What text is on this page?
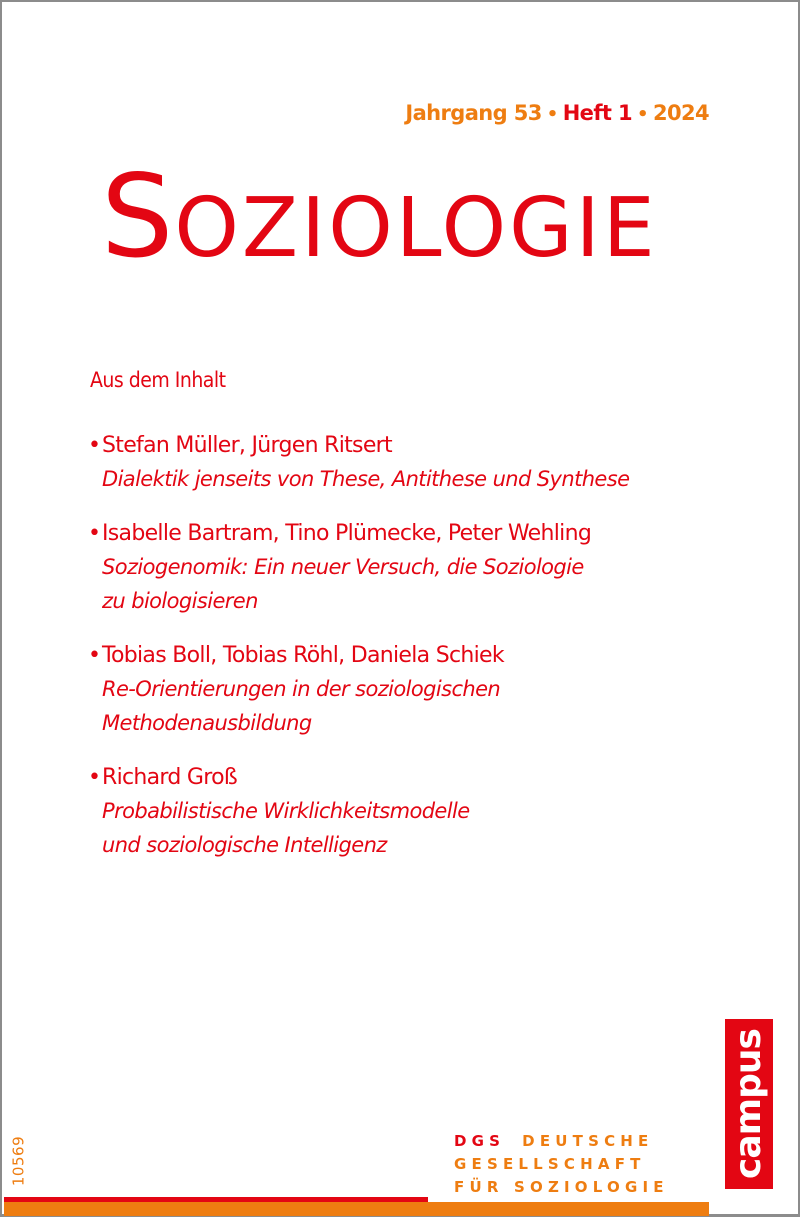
Jahrgang 53 • Heft 1 • 2024
SOZIOLOGIE
Aus dem Inhalt
• Stefan Müller, Jürgen Ritsert
Dialektik jenseits von These, Antithese und Synthese
• Isabelle Bartram, Tino Plümecke, Peter Wehling
Soziogenomik: Ein neuer Versuch, die Soziologie
zu biologisieren
• Tobias Boll, Tobias Röhl, Daniela Schiek
Re-Orientierungen in der soziologischen
Methodenausbildung
• Richard Groß
Probabilistische Wirklichkeitsmodelle
und soziologische Intelligenz
campus
DGS DEUTSCHE
GESELLSCHAFT
FÜR SOZIOLOGIE
10569
